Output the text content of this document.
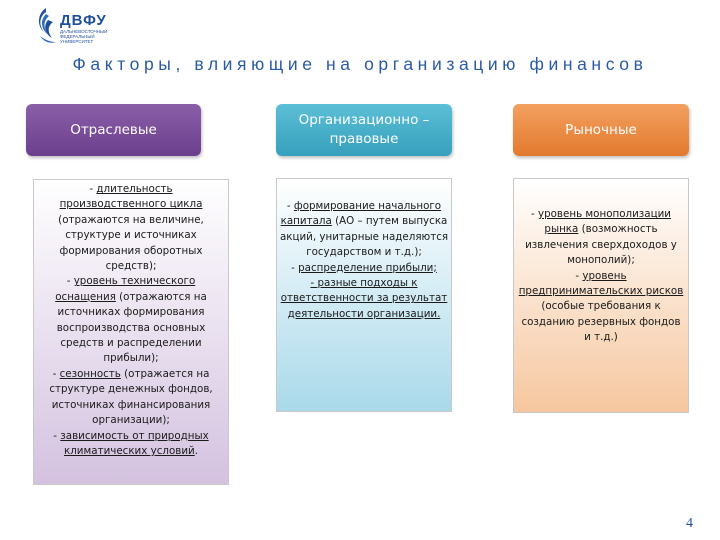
ДВФУ
ДАЛЬНЕВОСТОЧНЫЙ ФЕДЕРАЛЬНЫЙ УНИВЕРСИТЕТ
Факторы, влияющие на организацию финансов
Отраслевые
Организационно – правовые
Рыночные
- длительность производственного цикла (отражаются на величине, структуре и источниках формирования оборотных средств);
- уровень технического оснащения (отражаются на источниках формирования воспроизводства основных средств и распределении прибыли);
- сезонность (отражается на структуре денежных фондов, источниках финансирования организации);
- зависимость от природных климатических условий.
- формирование начального капитала (АО – путем выпуска акций, унитарные наделяются государством и т.д.);
- распределение прибыли;
- разные подходы к ответственности за результат деятельности организации.
- уровень монополизации рынка (возможность извлечения сверхдоходов у монополий);
- уровень предпринимательских рисков (особые требования к созданию резервных фондов и т.д.)
4
